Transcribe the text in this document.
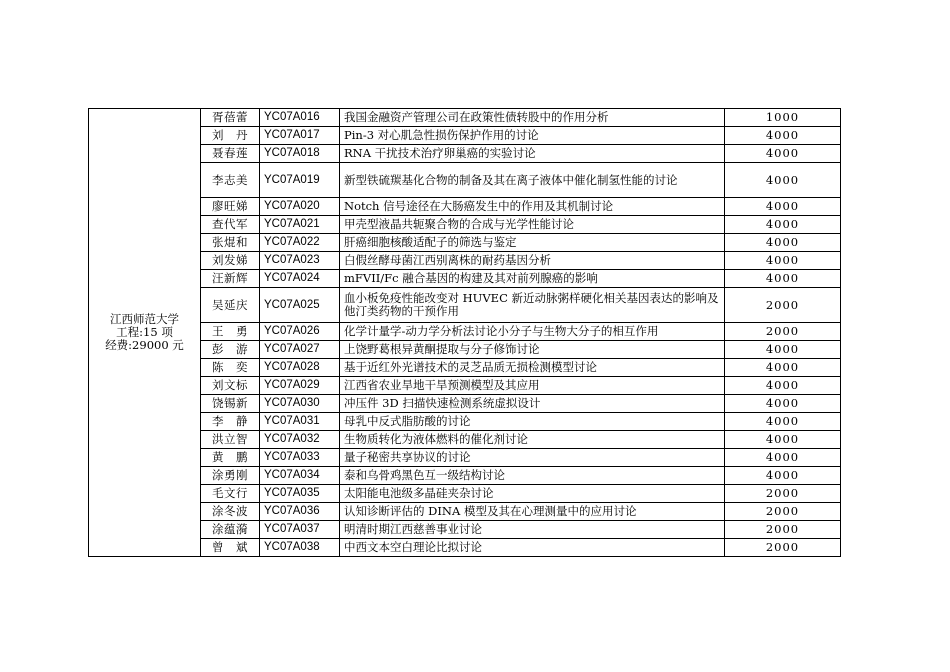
江西师范大学
工程:15 项
经费:29000 元	胥蓓蕾	YC07A016	我国金融资产管理公司在政策性债转股中的作用分析	1000
	刘　丹	YC07A017	Pin-3 对心肌急性损伤保护作用的讨论	4000
	聂春莲	YC07A018	RNA 干扰技术治疗卵巢癌的实验讨论	4000
	李志美	YC07A019	新型铁硫羰基化合物的制备及其在离子液体中催化制氢性能的讨论	4000
	廖旺娣	YC07A020	Notch 信号途径在大肠癌发生中的作用及其机制讨论	4000
	查代军	YC07A021	甲壳型液晶共轭聚合物的合成与光学性能讨论	4000
	张焜和	YC07A022	肝癌细胞核酸适配子的筛选与鉴定	4000
	刘发娣	YC07A023	白假丝酵母菌江西别离株的耐药基因分析	4000
	汪新辉	YC07A024	mFVII/Fc 融合基因的构建及其对前列腺癌的影响	4000
	吴延庆	YC07A025	血小板免疫性能改变对 HUVEC 新近动脉粥样硬化相关基因表达的影响及他汀类药物的干预作用	2000
	王　勇	YC07A026	化学计量学-动力学分析法讨论小分子与生物大分子的相互作用	2000
	彭　游	YC07A027	上饶野葛根异黄酮提取与分子修饰讨论	4000
	陈　奕	YC07A028	基于近红外光谱技术的灵芝品质无损检测模型讨论	4000
	刘文标	YC07A029	江西省农业旱地干旱预测模型及其应用	4000
	饶锡新	YC07A030	冲压件 3D 扫描快速检测系统虚拟设计	4000
	李　静	YC07A031	母乳中反式脂肪酸的讨论	4000
	洪立智	YC07A032	生物质转化为液体燃料的催化剂讨论	4000
	黄　鹏	YC07A033	量子秘密共享协议的讨论	4000
	涂勇刚	YC07A034	泰和乌骨鸡黑色互一级结构讨论	4000
	毛文行	YC07A035	太阳能电池级多晶硅夹杂讨论	2000
	涂冬波	YC07A036	认知诊断评估的 DINA 模型及其在心理测量中的应用讨论	2000
	涂蕴漪	YC07A037	明清时期江西慈善事业讨论	2000
	曾　斌	YC07A038	中西文本空白理论比拟讨论	2000
